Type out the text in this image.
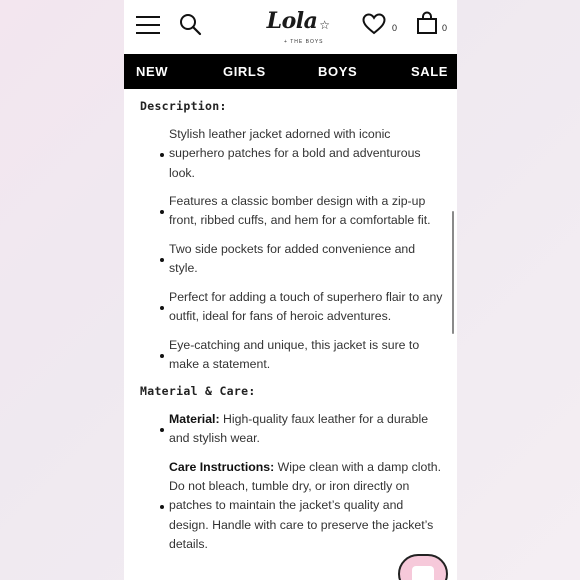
Lola ☆
+ THE BOYS
0	0
NEW	GIRLS	BOYS	SALE
Description:
Stylish leather jacket adorned with iconic superhero patches for a bold and adventurous look.
Features a classic bomber design with a zip-up front, ribbed cuffs, and hem for a comfortable fit.
Two side pockets for added convenience and style.
Perfect for adding a touch of superhero flair to any outfit, ideal for fans of heroic adventures.
Eye-catching and unique, this jacket is sure to make a statement.
Material & Care:
Material: High-quality faux leather for a durable and stylish wear.
Care Instructions: Wipe clean with a damp cloth. Do not bleach, tumble dry, or iron directly on patches to maintain the jacket’s quality and design. Handle with care to preserve the jacket’s details.
